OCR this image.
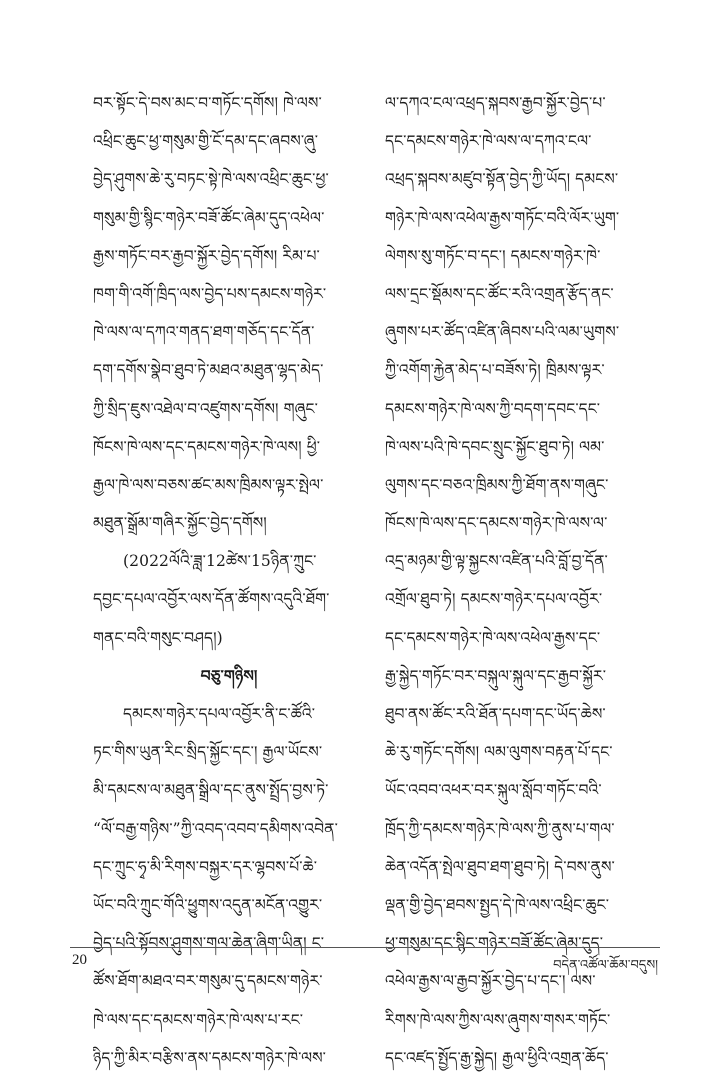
བར་སྟོང་དེ་བས་མང་བ་གཏོང་དགོས། ཁེ་ལས་
འཕྲིང་ཆུང་ཕྱ་གསུམ་གྱི་ངོ་དམ་དང་ཞབས་ཞུ་
བྱེད་ཤུགས་ཆེ་རུ་བཏང་སྟེ་ཁེ་ལས་འཕྲིང་ཆུང་ཕྱ་
གསུམ་གྱི་སྙིང་གཉེར་བཟོ་ཚོང་ཞེམ་དུད་འཕེལ་
རྒྱས་གཏོང་བར་རྒྱབ་སྐྱོར་བྱེད་དགོས། རིམ་པ་
ཁག་གི་འགོ་ཁྲིད་ལས་བྱེད་པས་དམངས་གཉེར་
ཁེ་ལས་ལ་དཀའ་གནད་ཐག་གཅོད་དང་དོན་
དག་དགོས་སྣེབ་ཐུབ་ཏེ་མཐའ་མཐུན་ལྷད་མེད་
ཀྱི་སྲིད་ཇུས་འཐེལ་བ་འཛུགས་དགོས། གཞུང་
ཁོངས་ཁེ་ལས་དང་དམངས་གཉེར་ཁེ་ལས། ཕྱི་
རྒྱལ་ཁེ་ལས་བཅས་ཚང་མས་ཁྲིམས་ལྟར་སྤེལ་
མཐུན་སྒྲོམ་གཞིར་སྐྱོང་བྱེད་དགོས།
(2022ལོའི་ཟླ་12ཚེས་15ཉིན་ཀྲུང་
དབྱང་དཔལ་འབྱོར་ལས་དོན་ཚོགས་འདུའི་ཐོག་
གནང་བའི་གསུང་བཤད།)
བཅུ་གཉིས།
དམངས་གཉེར་དཔལ་འབྱོར་ནི་ང་ཚོའི་
ཏང་གིས་ཡུན་རིང་སྲིད་སྐྱོང་དང་། རྒྱལ་ཡོངས་
མི་དམངས་ལ་མཐུན་སྒྲིལ་དང་ནུས་སྤྲོད་བྱས་ཏེ་
“ལོ་བརྒྱ་གཉིས་”ཀྱི་འབད་འབབ་དམིགས་འབེན་
དང་ཀྲུང་ཧྭ་མི་རིགས་བསྐྱར་དར་ལྷབས་པོ་ཆེ་
ཡོང་བའི་ཀྲུང་གོའི་ཕྱུགས་འདུན་མངོན་འགྱུར་
བྱེད་པའི་སྟོབས་ཤུགས་གལ་ཆེན་ཞིག་ཡིན། ང་
ཚོས་ཐོག་མཐའ་བར་གསུམ་དུ་དམངས་གཉེར་
ཁེ་ལས་དང་དམངས་གཉེར་ཁེ་ལས་པ་རང་
ཉིད་ཀྱི་མིར་བརྩིས་ནས་དམངས་གཉེར་ཁེ་ལས་
ལ་དཀའ་ངལ་འཕྲད་སྐབས་རྒྱབ་སྐྱོར་བྱེད་པ་
དང་དམངས་གཉེར་ཁེ་ལས་ལ་དཀའ་ངལ་
འཕྲད་སྐབས་མཛུབ་སྟོན་བྱེད་ཀྱི་ཡོད། དམངས་
གཉེར་ཁེ་ལས་འཕེལ་རྒྱས་གཏོང་བའི་ལོར་ཡུག་
ལེགས་སུ་གཏོང་བ་དང་། དམངས་གཉེར་ཁེ་
ལས་དྲང་སྡོམས་དང་ཚོང་རའི་འགྲན་རྩོད་ནང་
ཞུགས་པར་ཚོད་འཛིན་ཞིབས་པའི་ལམ་ཡུགས་
ཀྱི་འགོག་རྐྱེན་མེད་པ་བཟོས་ཏེ། ཁྲིམས་ལྟར་
དམངས་གཉེར་ཁེ་ལས་ཀྱི་བདག་དབང་དང་
ཁེ་ལས་པའི་ཁེ་དབང་སྲུང་སྐྱོང་ཐུབ་ཏེ། ལམ་
ལུགས་དང་བཅའ་ཁྲིམས་ཀྱི་ཐོག་ནས་གཞུང་
ཁོངས་ཁེ་ལས་དང་དམངས་གཉེར་ཁེ་ལས་ལ་
འདྲ་མཉམ་གྱི་ལྟ་སྐྱངས་འཛིན་པའི་བློ་བྱ་དོན་
འགྲོལ་ཐུབ་ཏེ། དམངས་གཉེར་དཔལ་འབྱོར་
དང་དམངས་གཉེར་ཁེ་ལས་འཕེལ་རྒྱས་དང་
རྒྱ་སྐྱེད་གཏོང་བར་བསྐུལ་སྐུལ་དང་རྒྱབ་སྐྱོར་
ཐུབ་ནས་ཚོང་རའི་ཐོན་དཔག་དང་ཡོད་ཆེས་
ཆེ་རུ་གཏོང་དགོས། ལམ་ལུགས་བརྟན་པོ་དང་
ཡོང་འབབ་འཕར་བར་སྐུལ་སློབ་གཏོང་བའི་
ཁྲོད་ཀྱི་དམངས་གཉེར་ཁེ་ལས་ཀྱི་ནུས་པ་གལ་
ཆེན་འདོན་སྤེལ་ཐུབ་ཐག་ཐུབ་ཏེ། དེ་བས་ནུས་
ལྡན་གྱི་བྱེད་ཐབས་སྤྱད་དེ་ཁེ་ལས་འཕྲིང་ཆུང་
ཕྱ་གསུམ་དང་སྙིང་གཉེར་བཟོ་ཚོང་ཞེམ་དུད་
འཕེལ་རྒྱས་ལ་རྒྱབ་སྐྱོར་བྱེད་པ་དང་། ལས་
རིགས་ཁེ་ལས་ཀྱིས་ལས་ཞུགས་གསར་གཏོང་
དང་འཛད་སྤྱོད་རྒྱ་སྐྱེད། རྒྱལ་ཕྱིའི་འགྲན་ཆོད་
20	བདེན་འཚོལ་ཆོམ་བདུས།
